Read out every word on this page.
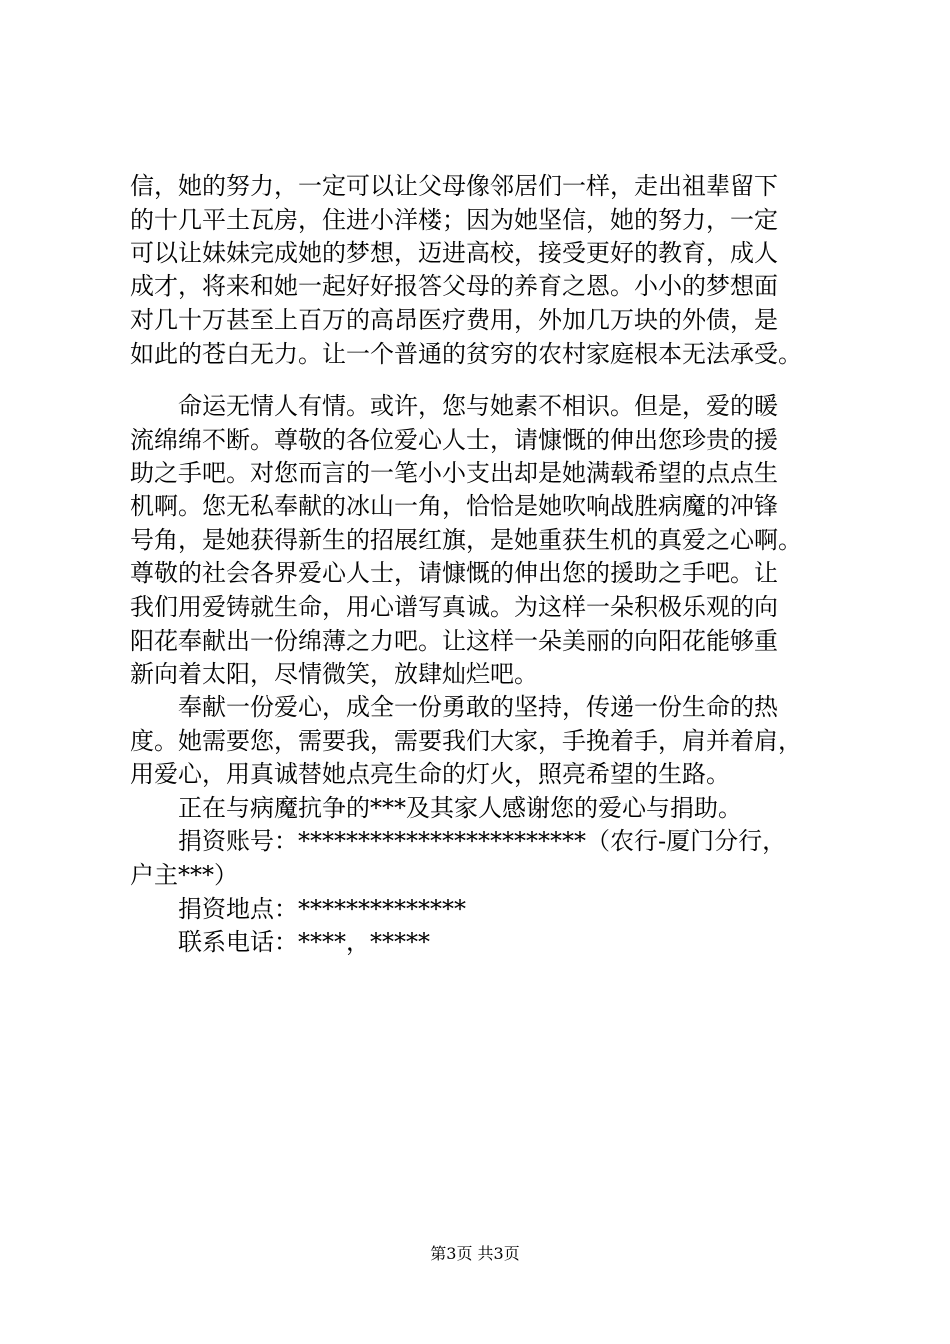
信，她的努力，一定可以让父母像邻居们一样，走出祖辈留下
的十几平土瓦房，住进小洋楼；因为她坚信，她的努力，一定
可以让妹妹完成她的梦想，迈进高校，接受更好的教育，成人
成才，将来和她一起好好报答父母的养育之恩。小小的梦想面
对几十万甚至上百万的高昂医疗费用，外加几万块的外债，是
如此的苍白无力。让一个普通的贫穷的农村家庭根本无法承受。
命运无情人有情。或许，您与她素不相识。但是，爱的暖
流绵绵不断。尊敬的各位爱心人士，请慷慨的伸出您珍贵的援
助之手吧。对您而言的一笔小小支出却是她满载希望的点点生
机啊。您无私奉献的冰山一角，恰恰是她吹响战胜病魔的冲锋
号角，是她获得新生的招展红旗，是她重获生机的真爱之心啊。
尊敬的社会各界爱心人士，请慷慨的伸出您的援助之手吧。让
我们用爱铸就生命，用心谱写真诚。为这样一朵积极乐观的向
阳花奉献出一份绵薄之力吧。让这样一朵美丽的向阳花能够重
新向着太阳，尽情微笑，放肆灿烂吧。
奉献一份爱心，成全一份勇敢的坚持，传递一份生命的热
度。她需要您，需要我，需要我们大家，手挽着手，肩并着肩，
用爱心，用真诚替她点亮生命的灯火，照亮希望的生路。
正在与病魔抗争的***及其家人感谢您的爱心与捐助。
捐资账号：************************（农行-厦门分行，
户主***）
捐资地点：**************
联系电话：****，*****
第3页 共3页
